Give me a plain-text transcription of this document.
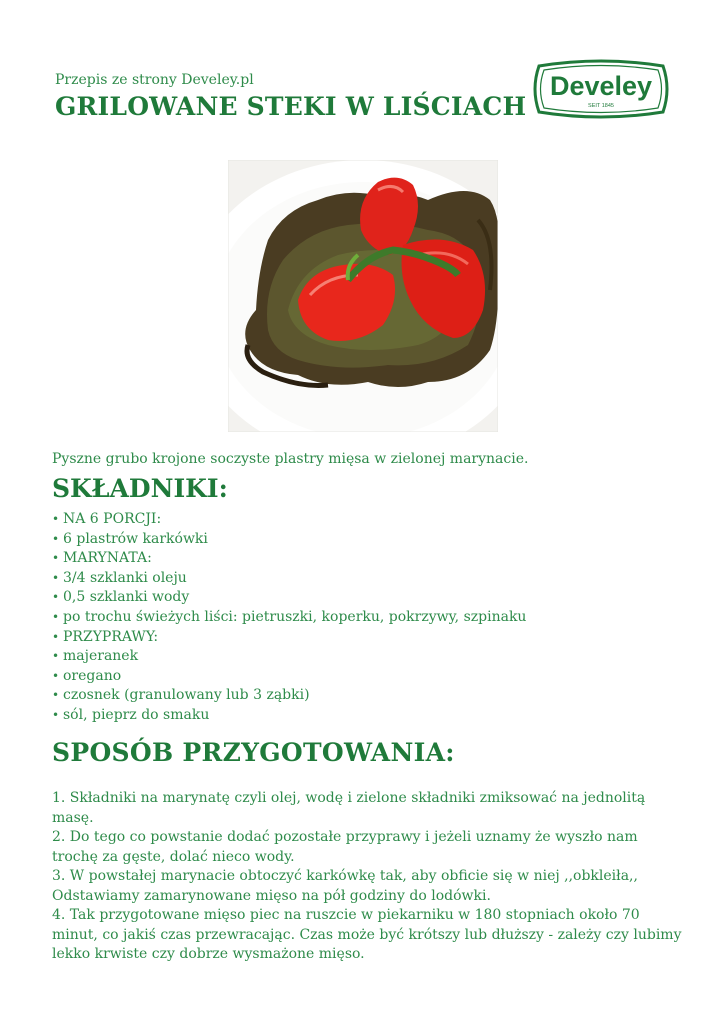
Przepis ze strony Develey.pl
GRILOWANE STEKI W LIŚCIACH
Develey
SEIT 1845
Pyszne grubo krojone soczyste plastry mięsa w zielonej marynacie.
SKŁADNIKI:
• NA 6 PORCJI:
• 6 plastrów karkówki
• MARYNATA:
• 3/4 szklanki oleju
• 0,5 szklanki wody
• po trochu świeżych liści: pietruszki, koperku, pokrzywy, szpinaku
• PRZYPRAWY:
• majeranek
• oregano
• czosnek (granulowany lub 3 ząbki)
• sól, pieprz do smaku
SPOSÓB PRZYGOTOWANIA:

1. Składniki na marynatę czyli olej, wodę i zielone składniki zmiksować na jednolitą masę.

2. Do tego co powstanie dodać pozostałe przyprawy i jeżeli uznamy że wyszło nam trochę za gęste, dolać nieco wody.

3. W powstałej marynacie obtoczyć karkówkę tak, aby obficie się w niej ,,obkleiła,, Odstawiamy zamarynowane mięso na pół godziny do lodówki.

4. Tak przygotowane mięso piec na ruszcie w piekarniku w 180 stopniach około 70 minut, co jakiś czas przewracając. Czas może być krótszy lub dłuższy - zależy czy lubimy lekko krwiste czy dobrze wysmażone mięso.
